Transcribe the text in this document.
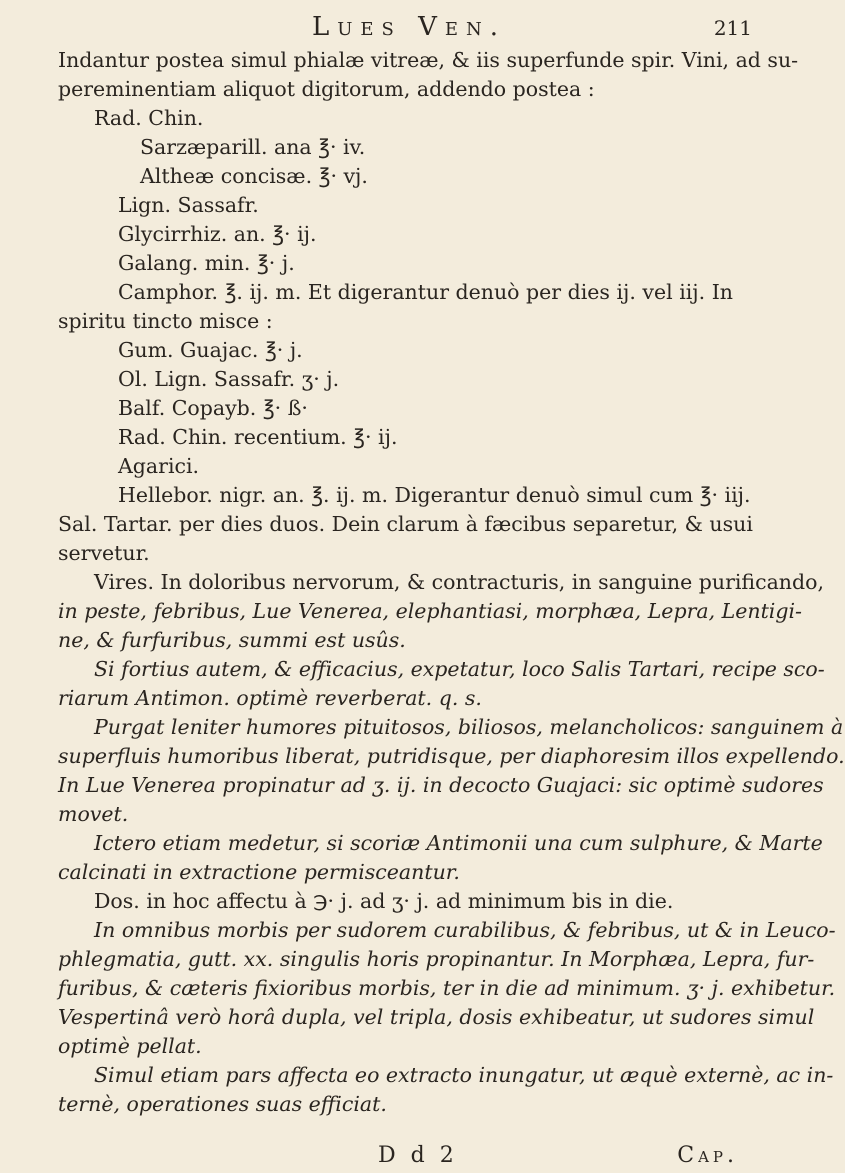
Lues Ven.	211
Indantur postea simul phialæ vitreæ, & iis superfunde spir. Vini, ad su-
pereminentiam aliquot digitorum, addendo postea :
Rad. Chin.
Sarzæparill. ana ℥· iv.
Altheæ concisæ. ℥· vj.
Lign. Sassafr.
Glycirrhiz. an. ℥· ij.
Galang. min. ℥· j.
Camphor. ℥. ij. m. Et digerantur denuò per dies ij. vel iij. In
spiritu tincto misce :
Gum. Guajac. ℥· j.
Ol. Lign. Sassafr. ʒ· j.
Balf. Copayb. ℥· ß·
Rad. Chin. recentium. ℥· ij.
Agarici.
Hellebor. nigr. an. ℥. ij. m. Digerantur denuò simul cum ℥· iij.
Sal. Tartar. per dies duos. Dein clarum à fæcibus separetur, & usui
servetur.
Vires. In doloribus nervorum, & contracturis, in sanguine purificando,
in peste, febribus, Lue Venerea, elephantiasi, morphæa, Lepra, Lentigi-
ne, & furfuribus, summi est usûs.
Si fortius autem, & efficacius, expetatur, loco Salis Tartari, recipe sco-
riarum Antimon. optimè reverberat. q. s.
Purgat leniter humores pituitosos, biliosos, melancholicos: sanguinem à
superfluis humoribus liberat, putridisque, per diaphoresim illos expellendo.
In Lue Venerea propinatur ad ʒ. ij. in decocto Guajaci: sic optimè sudores
movet.
Ictero etiam medetur, si scoriæ Antimonii una cum sulphure, & Marte
calcinati in extractione permisceantur.
Dos. in hoc affectu à ℈· j. ad ʒ· j. ad minimum bis in die.
In omnibus morbis per sudorem curabilibus, & febribus, ut & in Leuco-
phlegmatia, gutt. xx. singulis horis propinantur. In Morphæa, Lepra, fur-
furibus, & cæteris fixioribus morbis, ter in die ad minimum. ʒ· j. exhibetur.
Vespertinâ verò horâ dupla, vel tripla, dosis exhibeatur, ut sudores simul
optimè pellat.
Simul etiam pars affecta eo extracto inungatur, ut æquè externè, ac in-
ternè, operationes suas efficiat.
D d 2	Cap.
